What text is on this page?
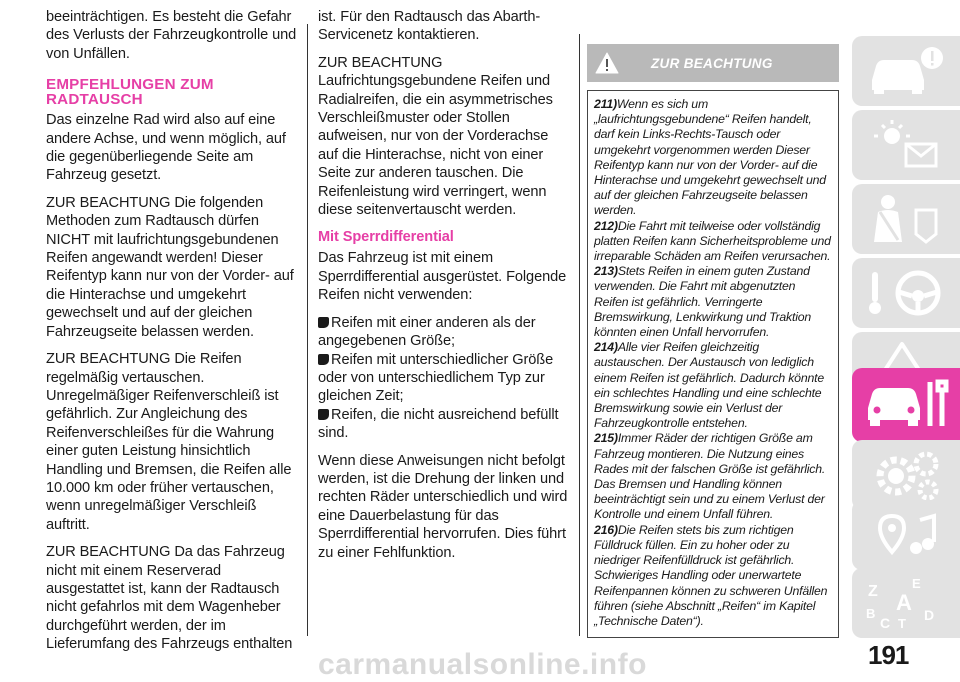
beeinträchtigen. Es besteht die Gefahr des Verlusts der Fahrzeugkontrolle und von Unfällen.

EMPFEHLUNGEN ZUM RADTAUSCH

Das einzelne Rad wird also auf eine andere Achse, und wenn möglich, auf die gegenüberliegende Seite am Fahrzeug gesetzt.

ZUR BEACHTUNG Die folgenden Methoden zum Radtausch dürfen NICHT mit laufrichtungsgebundenen Reifen angewandt werden! Dieser Reifentyp kann nur von der Vorder- auf die Hinterachse und umgekehrt gewechselt und auf der gleichen Fahrzeugseite belassen werden.

ZUR BEACHTUNG Die Reifen regelmäßig vertauschen. Unregelmäßiger Reifenverschleiß ist gefährlich. Zur Angleichung des Reifenverschleißes für die Wahrung einer guten Leistung hinsichtlich Handling und Bremsen, die Reifen alle 10.000 km oder früher vertauschen, wenn unregelmäßiger Verschleiß auftritt.

ZUR BEACHTUNG Da das Fahrzeug nicht mit einem Reserverad ausgestattet ist, kann der Radtausch nicht gefahrlos mit dem Wagenheber durchgeführt werden, der im Lieferumfang des Fahrzeugs enthalten

ist. Für den Radtausch das Abarth-Servicenetz kontaktieren.

ZUR BEACHTUNG Laufrichtungsgebundene Reifen und Radialreifen, die ein asymmetrisches Verschleißmuster oder Stollen aufweisen, nur von der Vorderachse auf die Hinterachse, nicht von einer Seite zur anderen tauschen. Die Reifenleistung wird verringert, wenn diese seitenvertauscht werden.

Mit Sperrdifferential

Das Fahrzeug ist mit einem Sperrdifferential ausgerüstet. Folgende Reifen nicht verwenden:

Reifen mit einer anderen als der angegebenen Größe;
Reifen mit unterschiedlicher Größe oder von unterschiedlichem Typ zur gleichen Zeit;
Reifen, die nicht ausreichend befüllt sind.

Wenn diese Anweisungen nicht befolgt werden, ist die Drehung der linken und rechten Räder unterschiedlich und wird eine Dauerbelastung für das Sperrdifferential hervorrufen. Dies führt zu einer Fehlfunktion.

ZUR BEACHTUNG
211)Wenn es sich um „laufrichtungsgebundene“ Reifen handelt, darf kein Links-Rechts-Tausch oder umgekehrt vorgenommen werden Dieser Reifentyp kann nur von der Vorder- auf die Hinterachse und umgekehrt gewechselt und auf der gleichen Fahrzeugseite belassen werden.
212)Die Fahrt mit teilweise oder vollständig platten Reifen kann Sicherheitsprobleme und irreparable Schäden am Reifen verursachen.
213)Stets Reifen in einem guten Zustand verwenden. Die Fahrt mit abgenutzten Reifen ist gefährlich. Verringerte Bremswirkung, Lenkwirkung und Traktion könnten einen Unfall hervorrufen.
214)Alle vier Reifen gleichzeitig austauschen. Der Austausch von lediglich einem Reifen ist gefährlich. Dadurch könnte ein schlechtes Handling und eine schlechte Bremswirkung sowie ein Verlust der Fahrzeugkontrolle entstehen.
215)Immer Räder der richtigen Größe am Fahrzeug montieren. Die Nutzung eines Rades mit der falschen Größe ist gefährlich. Das Bremsen und Handling können beeinträchtigt sein und zu einem Verlust der Kontrolle und einem Unfall führen.
216)Die Reifen stets bis zum richtigen Fülldruck füllen. Ein zu hoher oder zu niedriger Reifenfülldruck ist gefährlich. Schwieriges Handling oder unerwartete Reifenpannen können zu schweren Unfällen führen (siehe Abschnitt „Reifen“ im Kapitel „Technische Daten“).
Z	E
A
B
C T
D
191
carmanualsonline.info
